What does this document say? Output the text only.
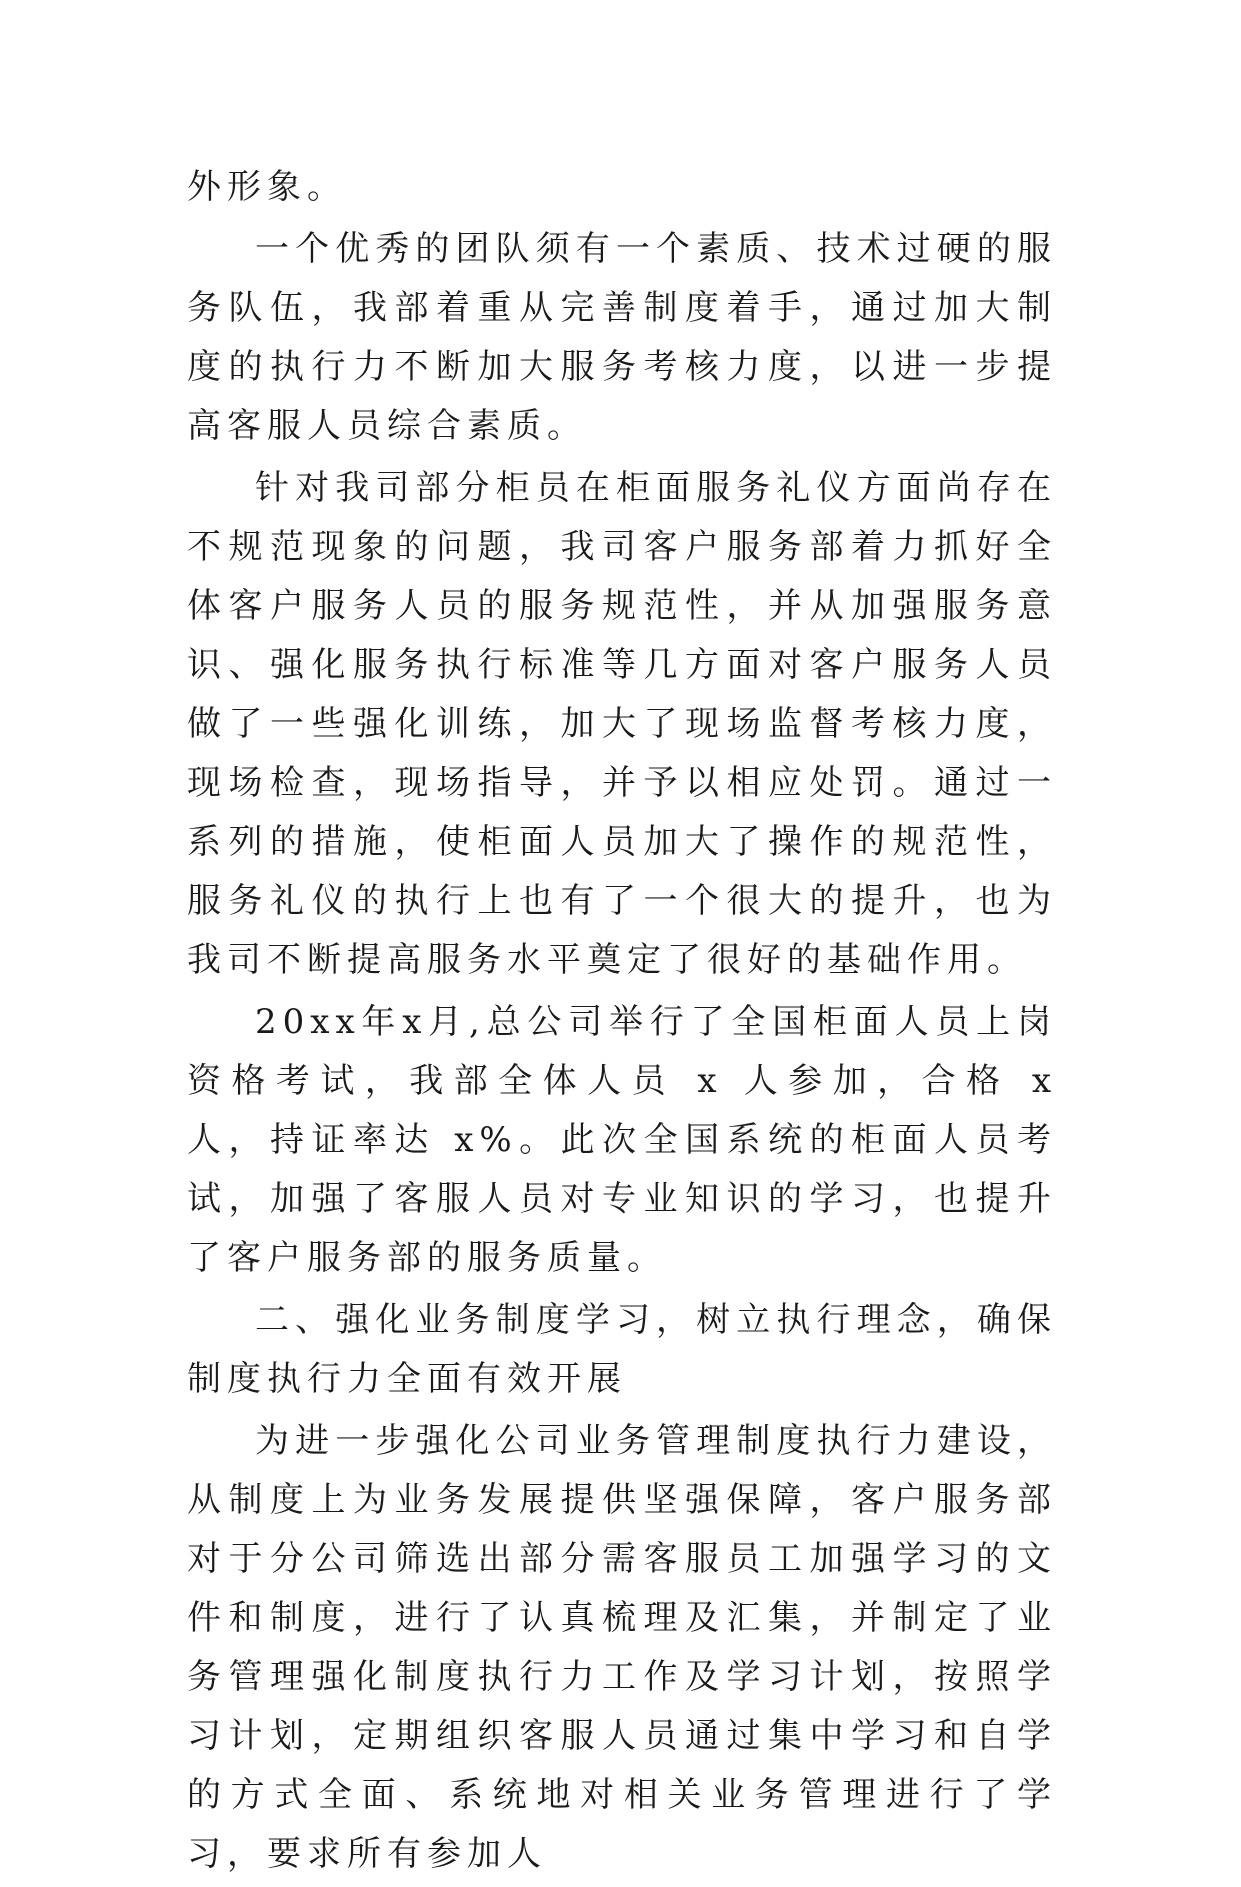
外形象。

一个优秀的团队须有一个素质、技术过硬的服务队伍，我部着重从完善制度着手，通过加大制度的执行力不断加大服务考核力度，以进一步提高客服人员综合素质。

针对我司部分柜员在柜面服务礼仪方面尚存在不规范现象的问题，我司客户服务部着力抓好全体客户服务人员的服务规范性，并从加强服务意识、强化服务执行标准等几方面对客户服务人员做了一些强化训练，加大了现场监督考核力度，现场检查，现场指导，并予以相应处罚。通过一系列的措施，使柜面人员加大了操作的规范性，服务礼仪的执行上也有了一个很大的提升，也为我司不断提高服务水平奠定了很好的基础作用。

20xx年x月,总公司举行了全国柜面人员上岗资格考试，我部全体人员 x 人参加，合格 x 人，持证率达 x%。此次全国系统的柜面人员考试，加强了客服人员对专业知识的学习，也提升了客户服务部的服务质量。

二、强化业务制度学习，树立执行理念，确保制度执行力全面有效开展

为进一步强化公司业务管理制度执行力建设，从制度上为业务发展提供坚强保障，客户服务部对于分公司筛选出部分需客服员工加强学习的文件和制度，进行了认真梳理及汇集，并制定了业务管理强化制度执行力工作及学习计划，按照学习计划，定期组织客服人员通过集中学习和自学的方式全面、系统地对相关业务管理进行了学习，要求所有参加人
